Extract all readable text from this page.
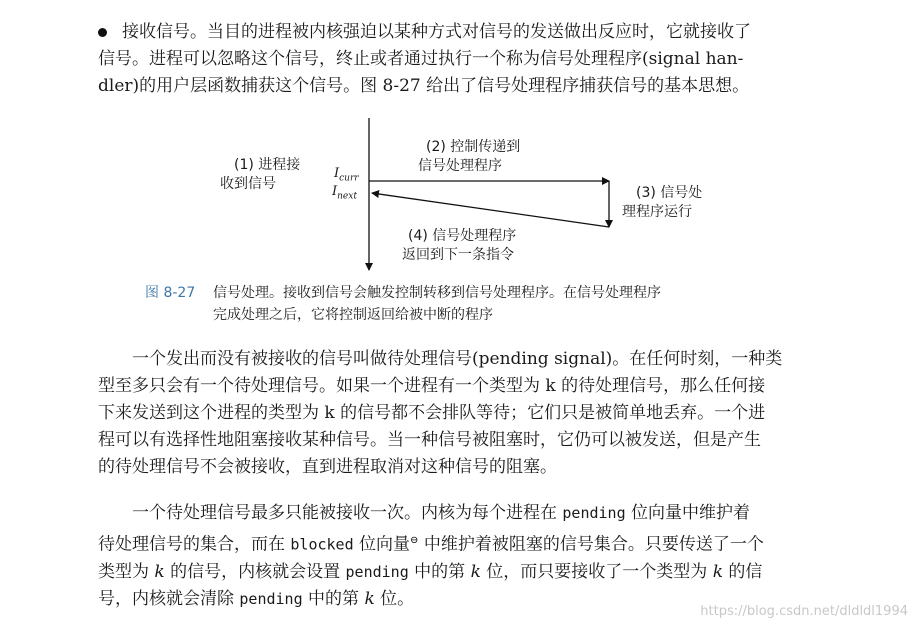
接收信号。当目的进程被内核强迫以某种方式对信号的发送做出反应时，它就接收了
信号。进程可以忽略这个信号，终止或者通过执行一个称为信号处理程序(signal han-
dler)的用户层函数捕获这个信号。图 8-27 给出了信号处理程序捕获信号的基本思想。
(1) 进程接
收到信号
(2) 控制传递到
信号处理程序
(3) 信号处
理程序运行
(4) 信号处理程序
返回到下一条指令
$I_{curr}$
$I_{next}$
图 8-27 信号处理。接收到信号会触发控制转移到信号处理程序。在信号处理程序
完成处理之后，它将控制返回给被中断的程序
一个发出而没有被接收的信号叫做待处理信号(pending signal)。在任何时刻，一种类
型至多只会有一个待处理信号。如果一个进程有一个类型为 k 的待处理信号，那么任何接
下来发送到这个进程的类型为 k 的信号都不会排队等待；它们只是被简单地丢弃。一个进
程可以有选择性地阻塞接收某种信号。当一种信号被阻塞时，它仍可以被发送，但是产生
的待处理信号不会被接收，直到进程取消对这种信号的阻塞。
一个待处理信号最多只能被接收一次。内核为每个进程在 pending 位向量中维护着
待处理信号的集合，而在 blocked 位向量⊖ 中维护着被阻塞的信号集合。只要传送了一个
类型为 k 的信号，内核就会设置 pending 中的第 k 位，而只要接收了一个类型为 k 的信
号，内核就会清除 pending 中的第 k 位。
https://blog.csdn.net/dldldl1994
